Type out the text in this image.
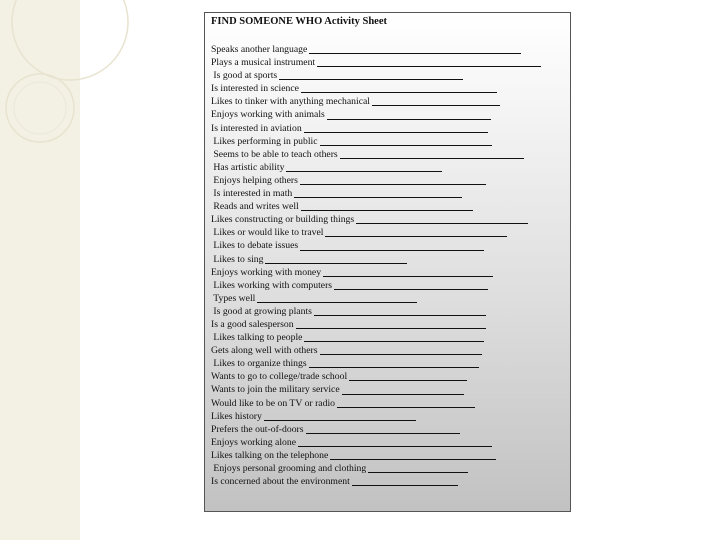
FIND SOMEONE WHO Activity Sheet
Speaks another language
Plays a musical instrument
Is good at sports
Is interested in science
Likes to tinker with anything mechanical
Enjoys working with animals
Is interested in aviation
Likes performing in public
Seems to be able to teach others
Has artistic ability
Enjoys helping others
Is interested in math
Reads and writes well
Likes constructing or building things
Likes or would like to travel
Likes to debate issues
Likes to sing
Enjoys working with money
Likes working with computers
Types well
Is good at growing plants
Is a good salesperson
Likes talking to people
Gets along well with others
Likes to organize things
Wants to go to college/trade school
Wants to join the military service
Would like to be on TV or radio
Likes history
Prefers the out-of-doors
Enjoys working alone
Likes talking on the telephone
Enjoys personal grooming and clothing
Is concerned about the environment
